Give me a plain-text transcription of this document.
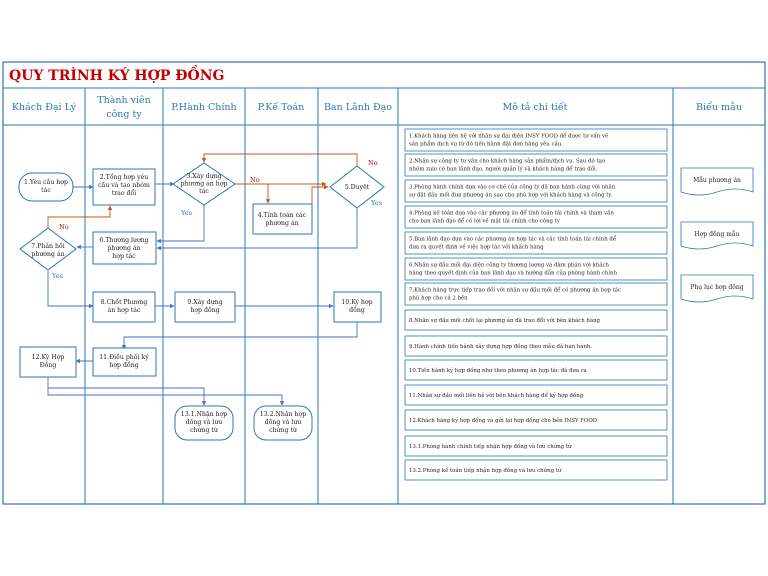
QUY TRÌNH KÝ HỢP ĐỒNG
Khách Đại Lý
Thành viên
công ty
P.Hành Chính P.Kế Toán Ban Lãnh Đạo	Mô tả chi tiết	Biểu mẫu
No
Yes
No
Yes
No
Yes
1.Yêu cầu hợp tác
2.Tổng hợp yêu cầu và tạo nhóm trao đổi
3.Xây dựng phương án hợp tác
4.Tính toán các phương án
5.Duyệt
6.Thương lượng phương án hợp tác
7.Phản hồi phương án
8.Chốt Phương án hợp tác
9.Xây dựng hợp đồng
10.Ký hợp đồng
11.Điều phối ký hợp đồng
12.Ký Hợp Đồng
13.1.Nhận hợp đồng và lưu chứng từ
13.2.Nhận hợp đồng và lưu chứng từ
1.Khách hàng liên hệ với nhân sự đại diện INSY FOOD để được tư vấn về
sản phẩm dịch vụ từ đó tiến hành đặt đơn hàng yêu cầu.
2.Nhân sự công ty tư vấn cho khách hàng sản phẩm/dịch vụ. Sau đó tạo
nhóm zalo có ban lãnh đạo, người quản lý và khách hàng để trao đổi.
3.Phòng hành chính dựa vào cơ chế của công ty đã ban hành cùng với nhân
sự đặt đầu mối đưa phương án sao cho phù hợp với khách hàng và công ty.
4.Phòng kế toán dựa vào các phương án để tính toán tài chính và tham vấn
cho ban lãnh đạo để có lợi về mặt tài chính cho công ty
5.Ban lãnh đạo dựa vào các phương án hợp tác và các tính toán tài chính để
đưa ra quyết định về việc hợp tác với khách hàng
6.Nhân sự đầu mối đại diện công ty thương lượng và đàm phán với khách
hàng theo quyết định của ban lãnh đạo và hướng dẫn của phòng hành chính
7.Khách hàng trực tiếp trao đổi với nhân sự đầu mối để có phương án hợp tác
phù hợp cho cả 2 bên
8.Nhân sự đầu mối chốt lại phương án đã trao đổi với bên khách hàng
9.Hành chính tiến hành xây dựng hợp đồng theo mẫu đã ban hành.
10.Tiến hành ký hợp đồng như theo phương án hợp tác đã đưa ra
11.Nhân sự đầu mối liên hệ với bên khách hàng để ký hợp đồng
12.Khách hàng ký hợp đồng và gửi lại hợp đồng cho bên INSY FOOD
13.1.Phòng hành chính tiếp nhận hợp đồng và lưu chứng từ
13.2.Phòng kế toán tiếp nhận hợp đồng và lưu chứng từ
Mẫu phương án
Hợp đồng mẫu
Phụ lục hợp đồng
